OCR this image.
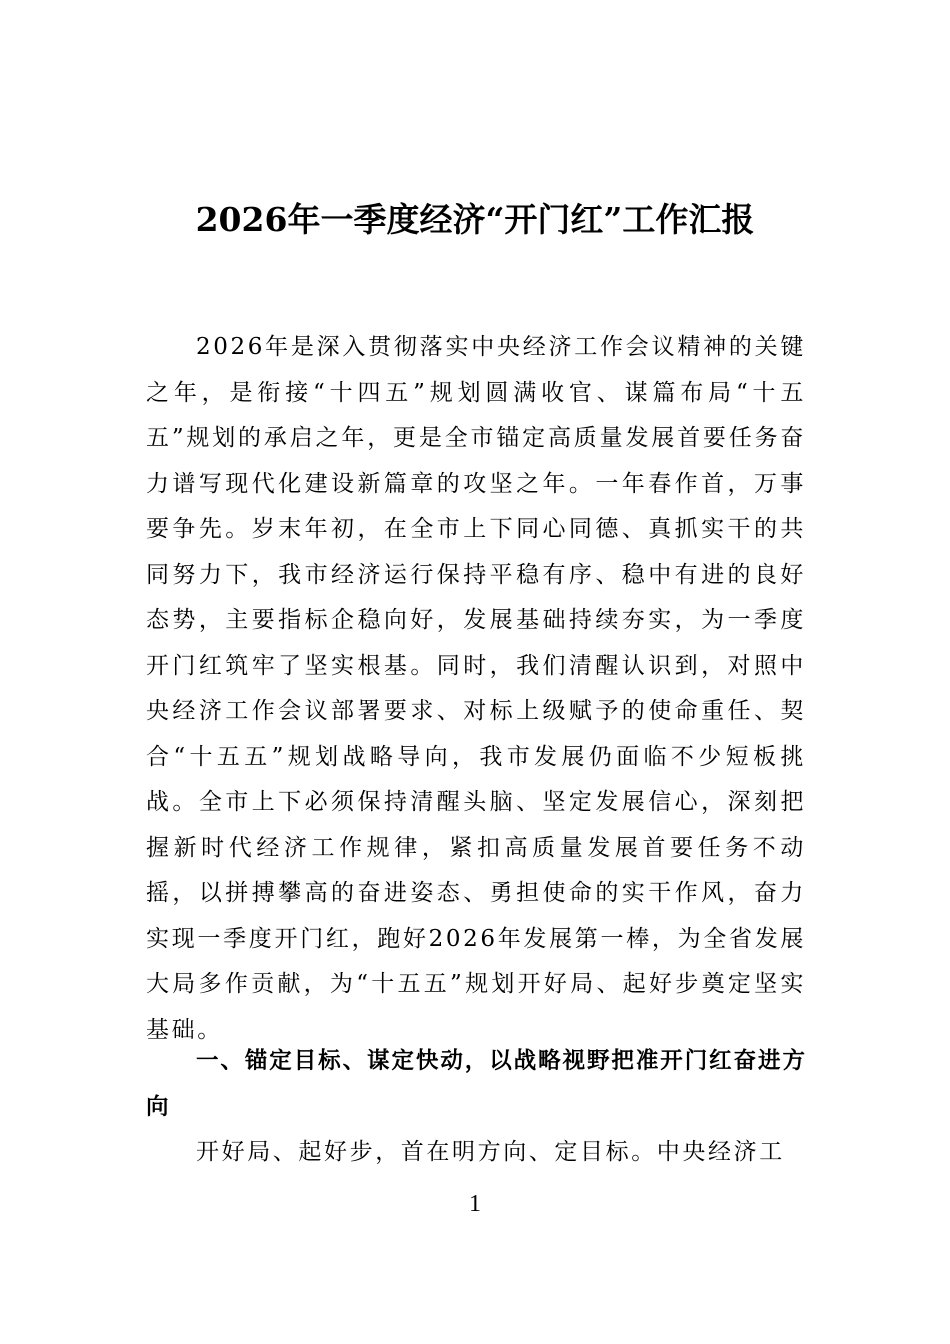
2026年一季度经济“开门红”工作汇报
2026年是深入贯彻落实中央经济工作会议精神的关键之年，是衔接“十四五”规划圆满收官、谋篇布局“十五五”规划的承启之年，更是全市锚定高质量发展首要任务奋力谱写现代化建设新篇章的攻坚之年。一年春作首，万事要争先。岁末年初，在全市上下同心同德、真抓实干的共同努力下，我市经济运行保持平稳有序、稳中有进的良好态势，主要指标企稳向好，发展基础持续夯实，为一季度开门红筑牢了坚实根基。同时，我们清醒认识到，对照中央经济工作会议部署要求、对标上级赋予的使命重任、契合“十五五”规划战略导向，我市发展仍面临不少短板挑战。全市上下必须保持清醒头脑、坚定发展信心，深刻把握新时代经济工作规律，紧扣高质量发展首要任务不动摇，以拼搏攀高的奋进姿态、勇担使命的实干作风，奋力实现一季度开门红，跑好2026年发展第一棒，为全省发展大局多作贡献，为“十五五”规划开好局、起好步奠定坚实基础。
一、锚定目标、谋定快动，以战略视野把准开门红奋进方向
开好局、起好步，首在明方向、定目标。中央经济工
1
